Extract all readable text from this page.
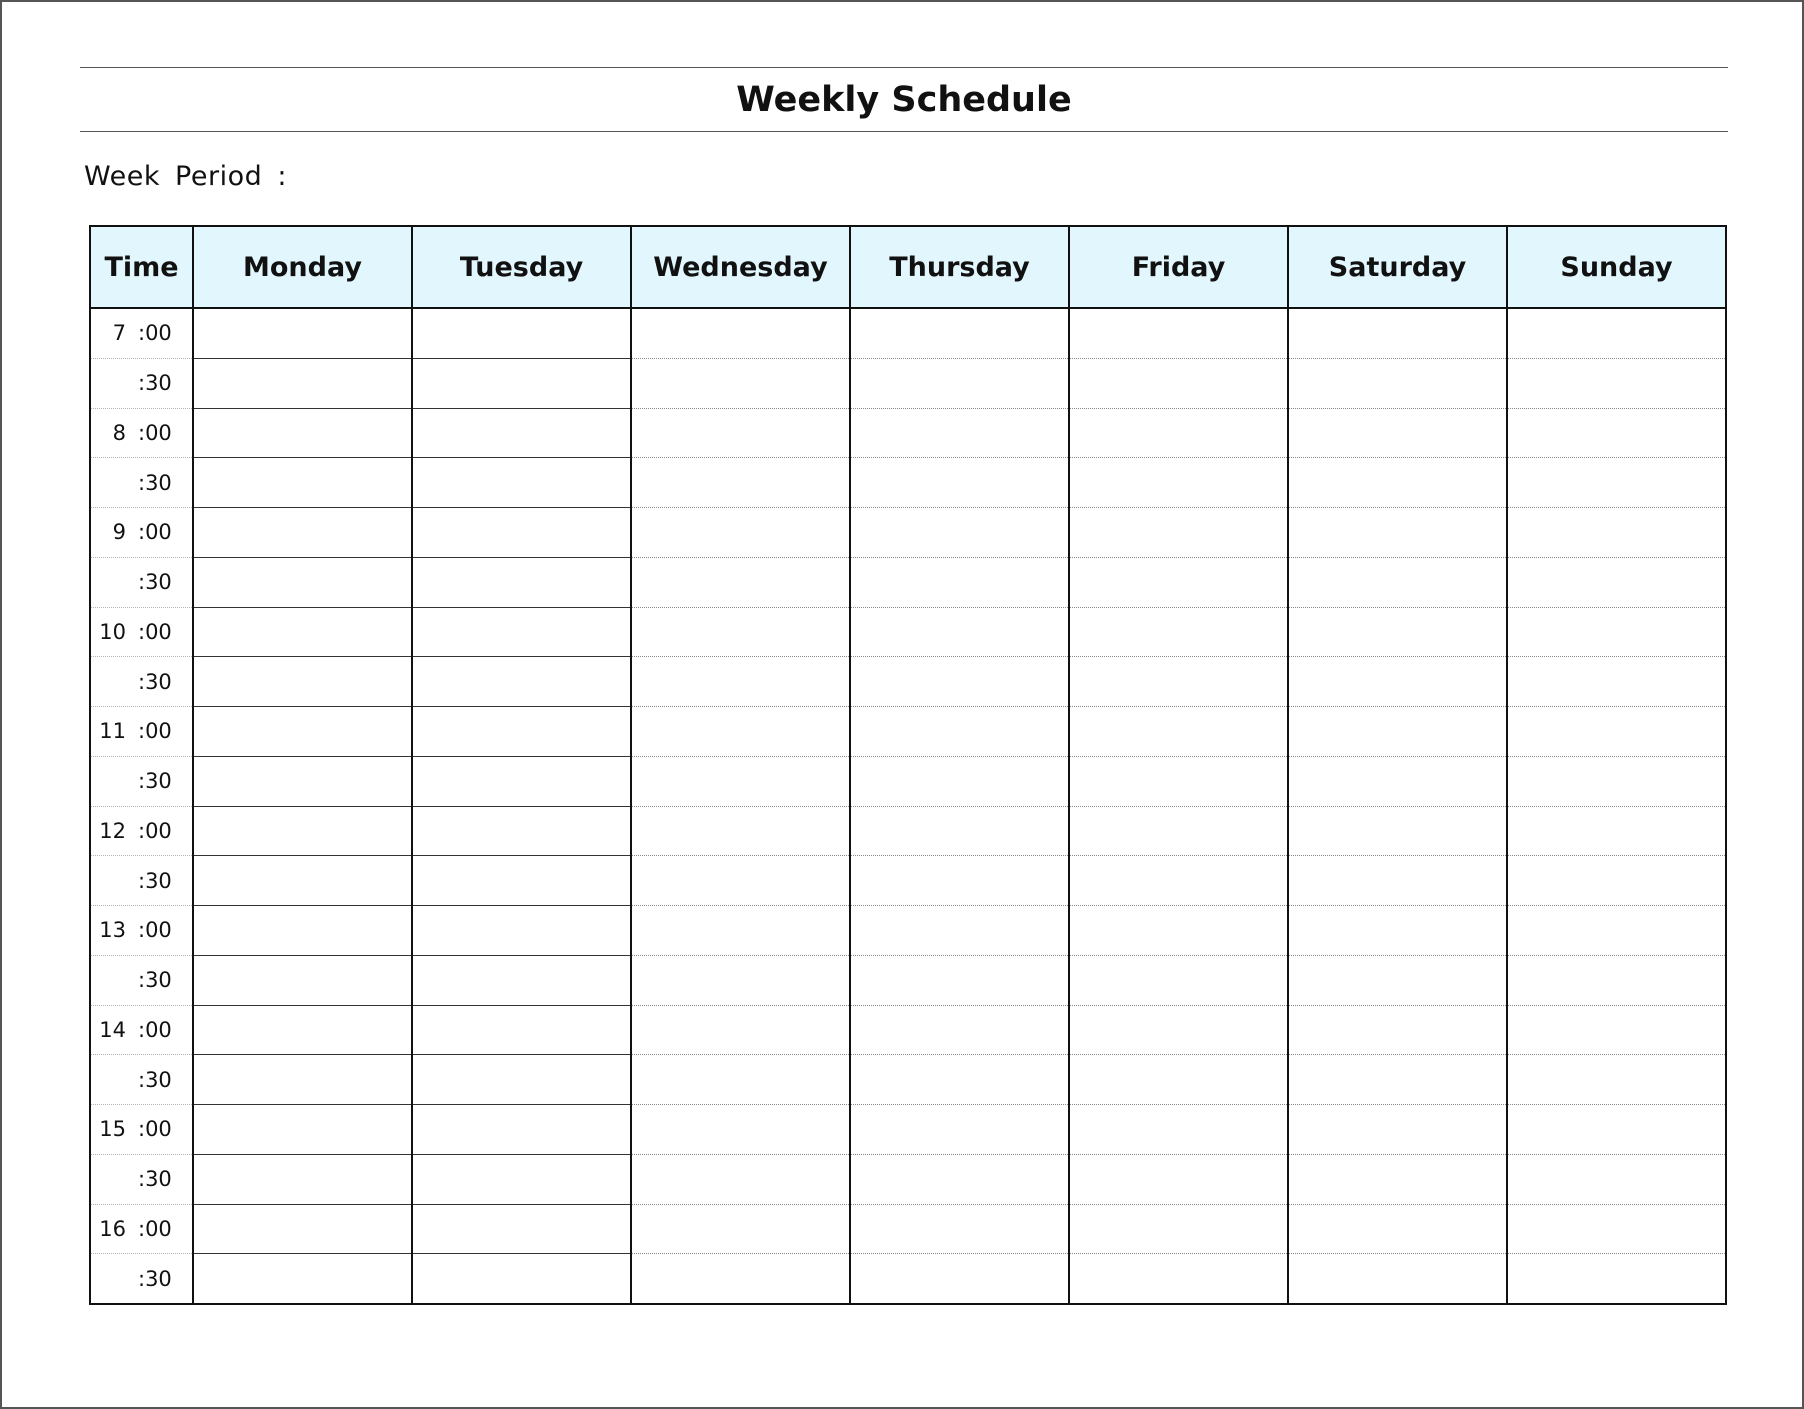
Weekly Schedule
Week Period :
Time	Monday	Tuesday	Wednesday	Thursday	Friday	Saturday	Sunday

7 :00							

:30							

8 :00							

:30							

9 :00							

:30							

10 :00							

:30							

11 :00							

:30							

12 :00							

:30							

13 :00							

:30							

14 :00							

:30							

15 :00							

:30							

16 :00							

:30							
